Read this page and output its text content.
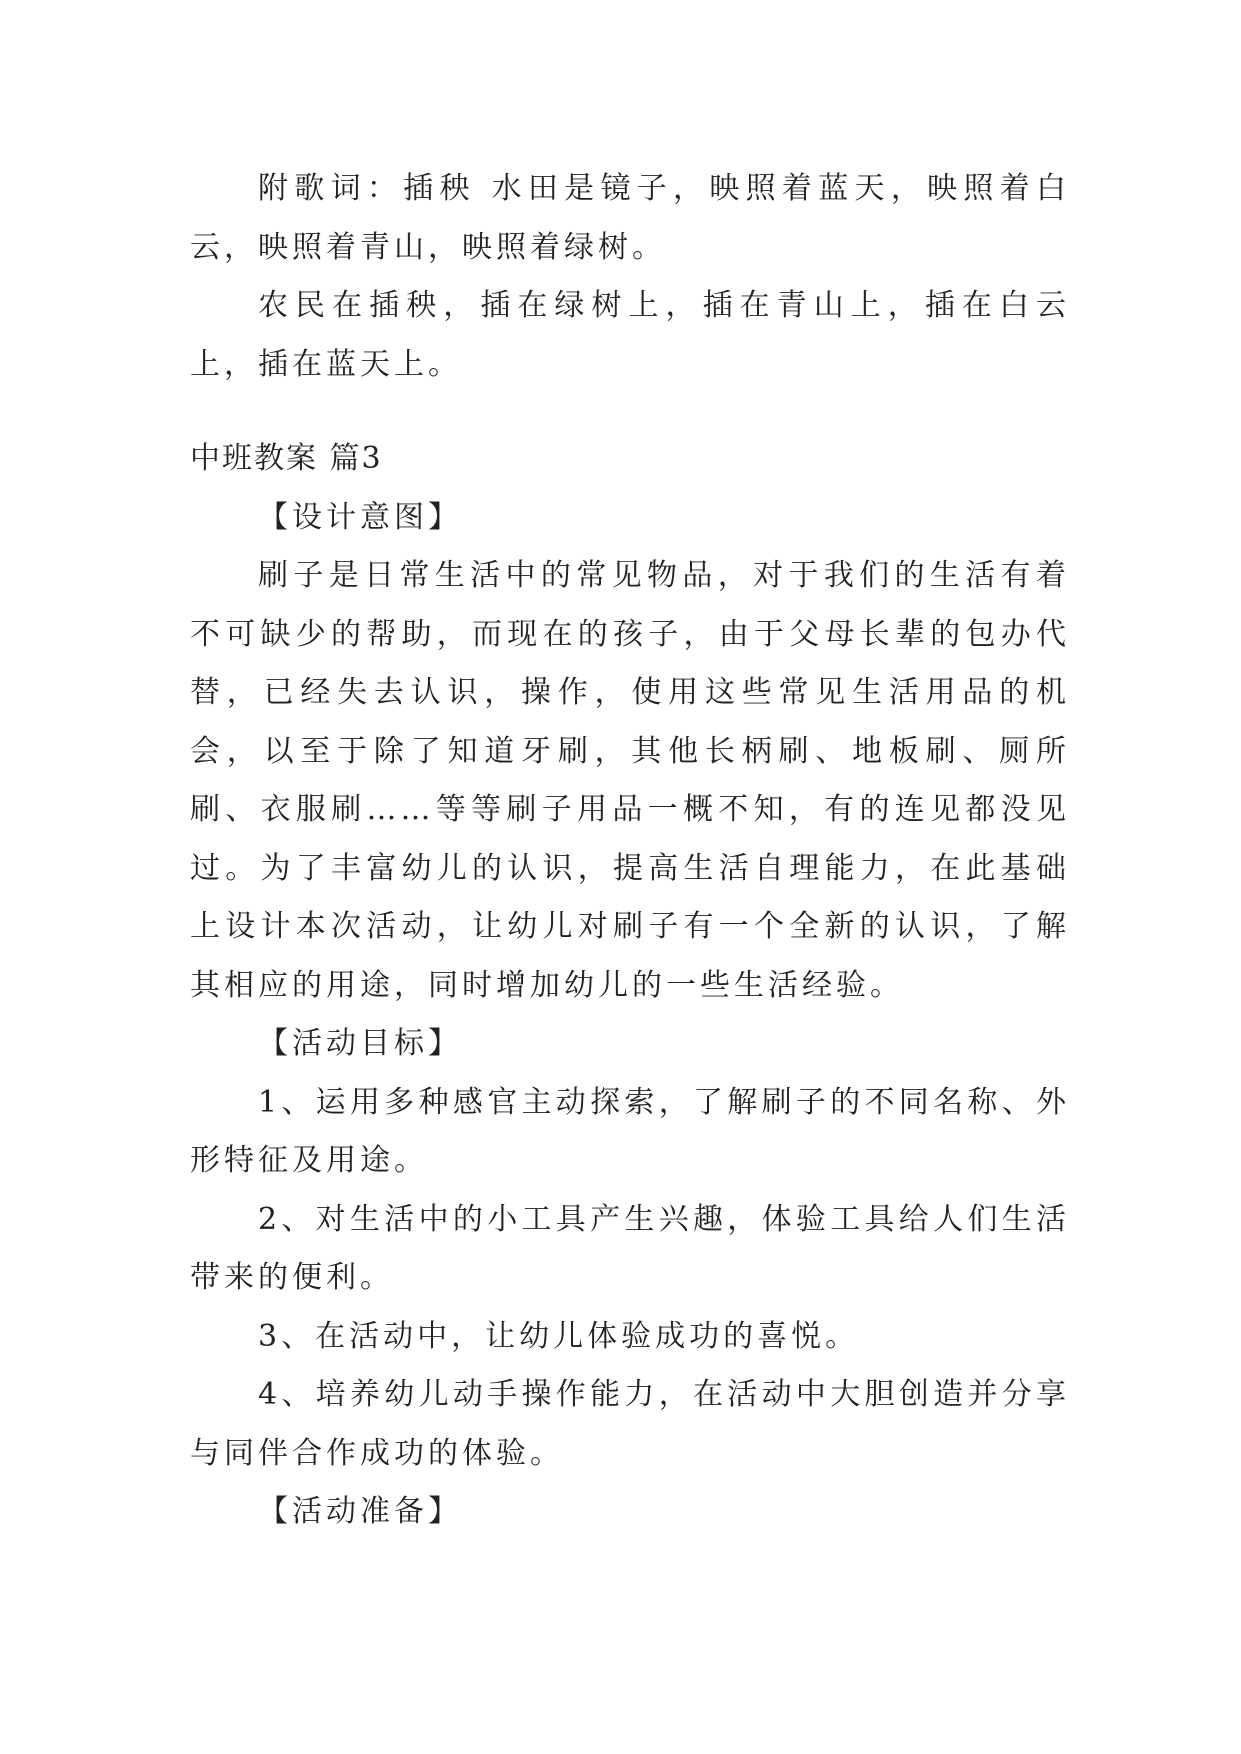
附歌词：插秧 水田是镜子，映照着蓝天，映照着白云，映照着青山，映照着绿树。

农民在插秧，插在绿树上，插在青山上，插在白云上，插在蓝天上。

中班教案 篇3

【设计意图】

刷子是日常生活中的常见物品，对于我们的生活有着不可缺少的帮助，而现在的孩子，由于父母长辈的包办代替，已经失去认识，操作，使用这些常见生活用品的机会，以至于除了知道牙刷，其他长柄刷、地板刷、厕所刷、衣服刷……等等刷子用品一概不知，有的连见都没见过。为了丰富幼儿的认识，提高生活自理能力，在此基础上设计本次活动，让幼儿对刷子有一个全新的认识，了解其相应的用途，同时增加幼儿的一些生活经验。

【活动目标】

1、运用多种感官主动探索，了解刷子的不同名称、外形特征及用途。

2、对生活中的小工具产生兴趣，体验工具给人们生活带来的便利。

3、在活动中，让幼儿体验成功的喜悦。

4、培养幼儿动手操作能力，在活动中大胆创造并分享与同伴合作成功的体验。

【活动准备】
